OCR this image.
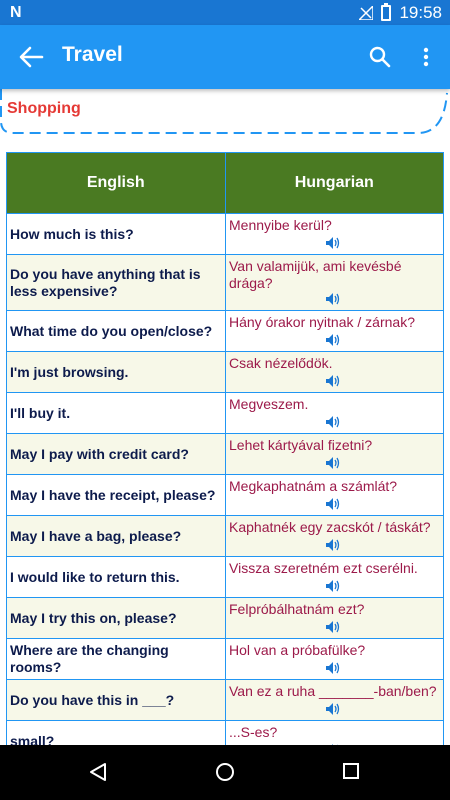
N	19:58
Travel
Shopping
English	Hungarian
How much is this?
Mennyibe kerül?
Do you have anything that is less expensive?
Van valamijük, ami kevésbé drága?
What time do you open/close?
Hány órakor nyitnak / zárnak?
I'm just browsing.
Csak nézelődök.
I'll buy it.
Megveszem.
May I pay with credit card?
Lehet kártyával fizetni?
May I have the receipt, please?
Megkaphatnám a számlát?
May I have a bag, please?
Kaphatnék egy zacskót / táskát?
I would like to return this.
Vissza szeretném ezt cserélni.
May I try this on, please?
Felpróbálhatnám ezt?
Where are the changing rooms?
Hol van a próbafülke?
Do you have this in ___?
Van ez a ruha _______-ban/ben?
small?
...S-es?
